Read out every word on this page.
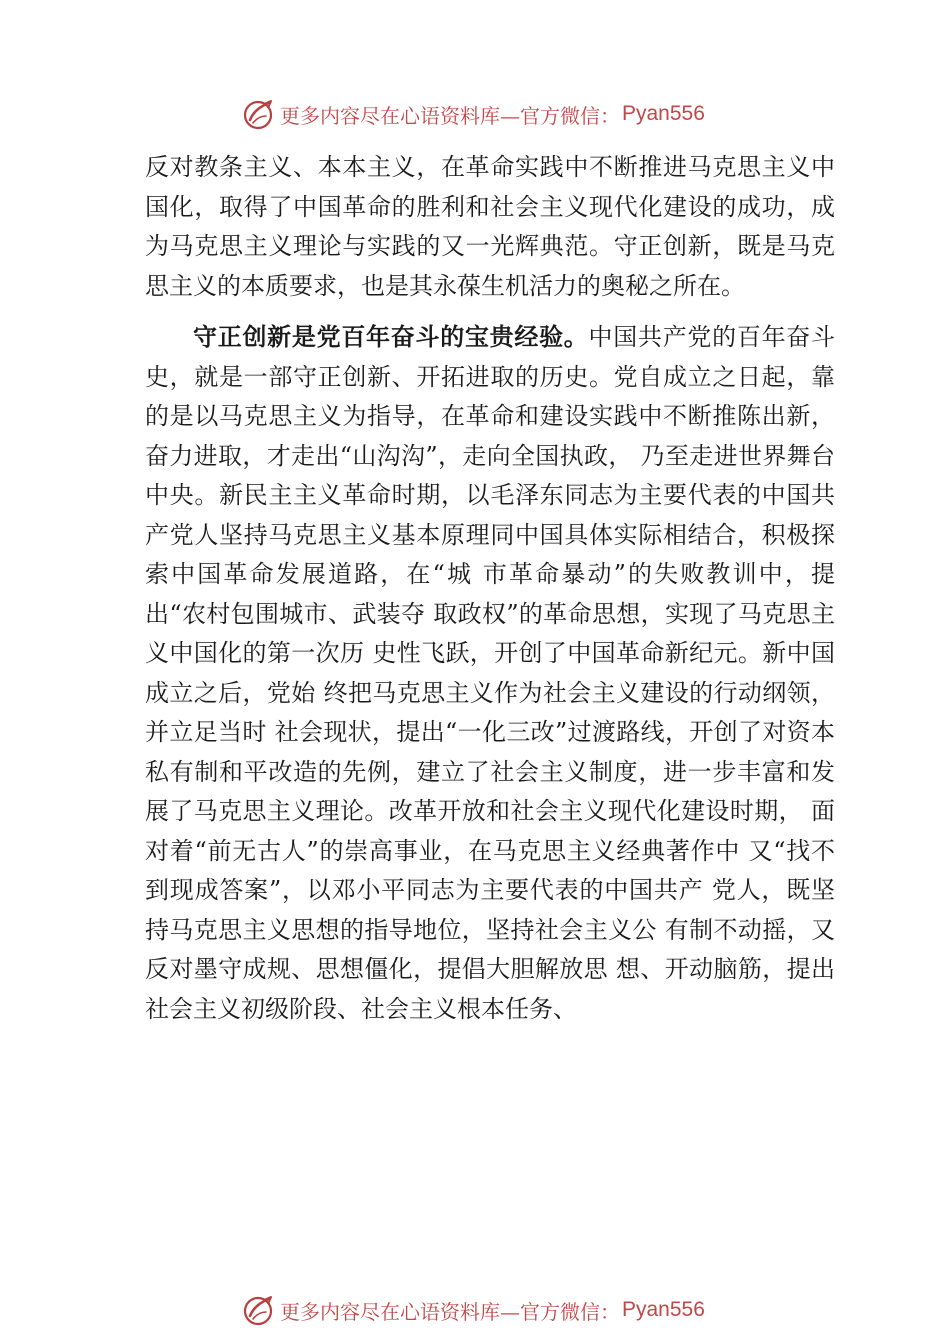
更多内容尽在心语资料库—官方微信： Pyan556

反对教条主义、本本主义，在革命实践中不断推进马克思主义中国化，取得了中国革命的胜利和社会主义现代化建设的成功，成为马克思主义理论与实践的又一光辉典范。守正创新，既是马克思主义的本质要求，也是其永葆生机活力的奥秘之所在。

守正创新是党百年奋斗的宝贵经验。中国共产党的百年奋斗史，就是一部守正创新、开拓进取的历史。党自成立之日起，靠的是以马克思主义为指导，在革命和建设实践中不断推陈出新，奋力进取，才走出“山沟沟”，走向全国执政， 乃至走进世界舞台中央。新民主主义革命时期，以毛泽东同志为主要代表的中国共产党人坚持马克思主义基本原理同中国具体实际相结合，积极探索中国革命发展道路，在“城 市革命暴动”的失败教训中，提出“农村包围城市、武装夺 取政权”的革命思想，实现了马克思主义中国化的第一次历 史性飞跃，开创了中国革命新纪元。新中国成立之后，党始 终把马克思主义作为社会主义建设的行动纲领，并立足当时 社会现状，提出“一化三改”过渡路线，开创了对资本私有制和平改造的先例，建立了社会主义制度，进一步丰富和发 展了马克思主义理论。改革开放和社会主义现代化建设时期， 面对着“前无古人”的崇高事业，在马克思主义经典著作中 又“找不到现成答案”，以邓小平同志为主要代表的中国共产 党人，既坚持马克思主义思想的指导地位，坚持社会主义公 有制不动摇，又反对墨守成规、思想僵化，提倡大胆解放思 想、开动脑筋，提出社会主义初级阶段、社会主义根本任务、

更多内容尽在心语资料库—官方微信： Pyan556
